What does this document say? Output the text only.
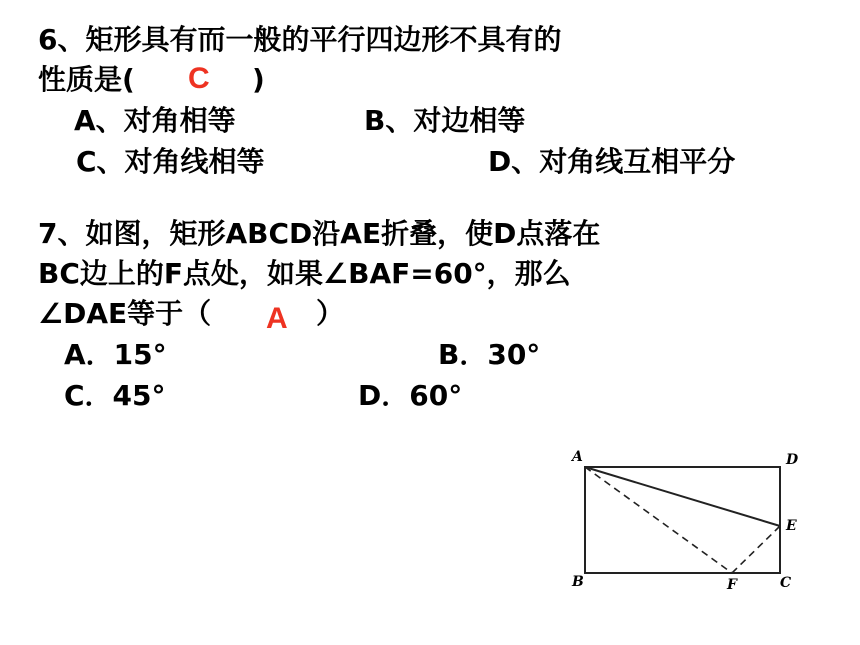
6、矩形具有而一般的平行四边形不具有的
性质是( C )
A、对角相等	B、对边相等
C、对角线相等	D、对角线互相平分
7、如图，矩形ABCD沿AE折叠，使D点落在
BC边上的F点处，如果∠BAF=60°，那么
∠DAE等于（ A ）
A．15°	B．30°
C．45°	D．60°
A	D
E
B	F	C
